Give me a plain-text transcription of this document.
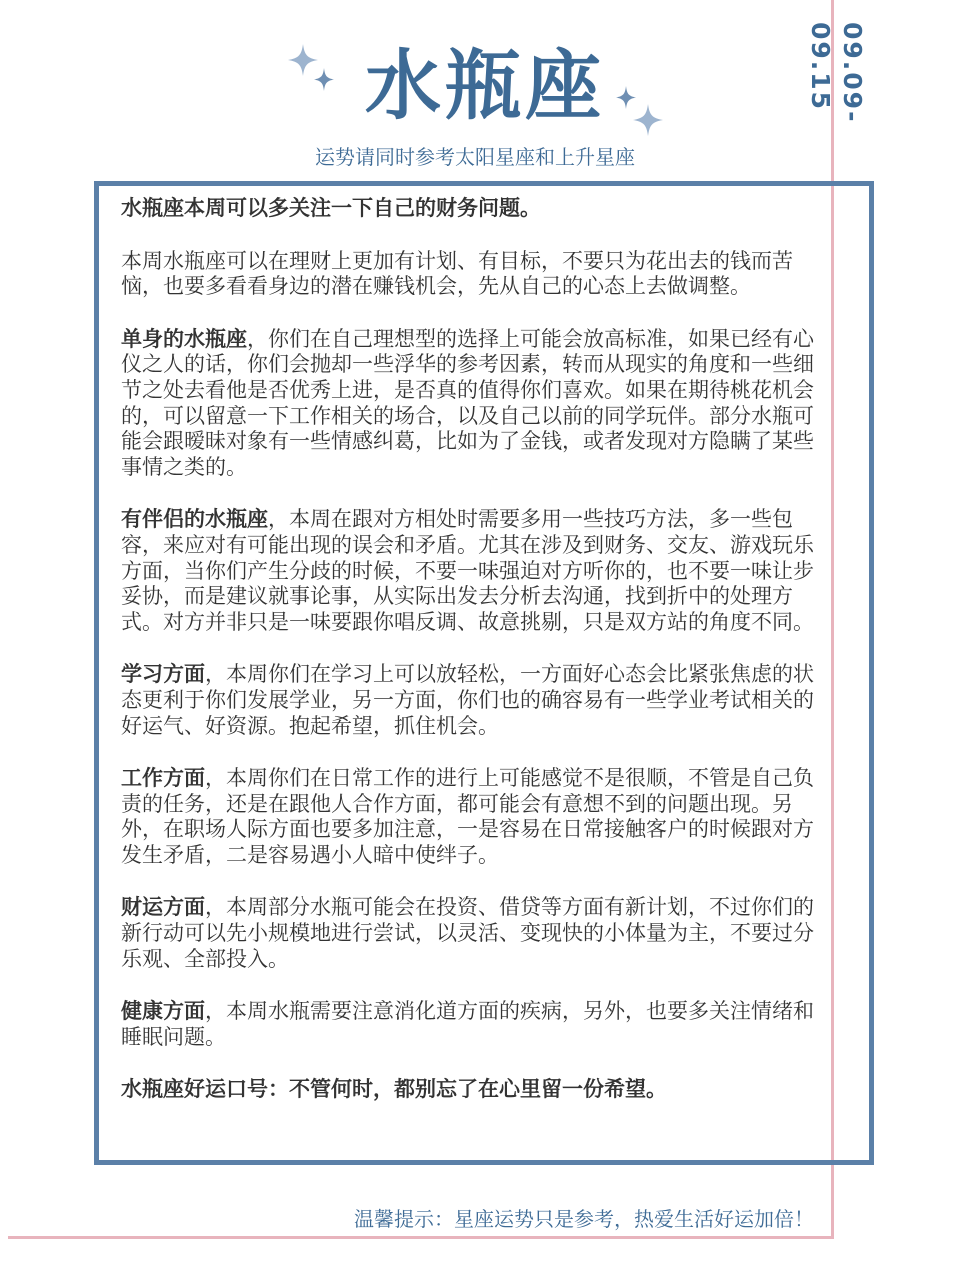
09.09-09.15
水瓶座
运势请同时参考太阳星座和上升星座

水瓶座本周可以多关注一下自己的财务问题。

本周水瓶座可以在理财上更加有计划、有目标，不要只为花出去的钱而苦恼，也要多看看身边的潜在赚钱机会，先从自己的心态上去做调整。

单身的水瓶座，你们在自己理想型的选择上可能会放高标准，如果已经有心仪之人的话，你们会抛却一些浮华的参考因素，转而从现实的角度和一些细节之处去看他是否优秀上进，是否真的值得你们喜欢。如果在期待桃花机会的，可以留意一下工作相关的场合，以及自己以前的同学玩伴。部分水瓶可能会跟暧昧对象有一些情感纠葛，比如为了金钱，或者发现对方隐瞒了某些事情之类的。

有伴侣的水瓶座，本周在跟对方相处时需要多用一些技巧方法，多一些包容，来应对有可能出现的误会和矛盾。尤其在涉及到财务、交友、游戏玩乐方面，当你们产生分歧的时候，不要一味强迫对方听你的，也不要一味让步妥协，而是建议就事论事，从实际出发去分析去沟通，找到折中的处理方式。对方并非只是一味要跟你唱反调、故意挑剔，只是双方站的角度不同。

学习方面，本周你们在学习上可以放轻松，一方面好心态会比紧张焦虑的状态更利于你们发展学业，另一方面，你们也的确容易有一些学业考试相关的好运气、好资源。抱起希望，抓住机会。

工作方面，本周你们在日常工作的进行上可能感觉不是很顺，不管是自己负责的任务，还是在跟他人合作方面，都可能会有意想不到的问题出现。另外，在职场人际方面也要多加注意，一是容易在日常接触客户的时候跟对方发生矛盾，二是容易遇小人暗中使绊子。

财运方面，本周部分水瓶可能会在投资、借贷等方面有新计划，不过你们的新行动可以先小规模地进行尝试，以灵活、变现快的小体量为主，不要过分乐观、全部投入。

健康方面，本周水瓶需要注意消化道方面的疾病，另外，也要多关注情绪和睡眠问题。

水瓶座好运口号：不管何时，都别忘了在心里留一份希望。

温馨提示：星座运势只是参考，热爱生活好运加倍！
